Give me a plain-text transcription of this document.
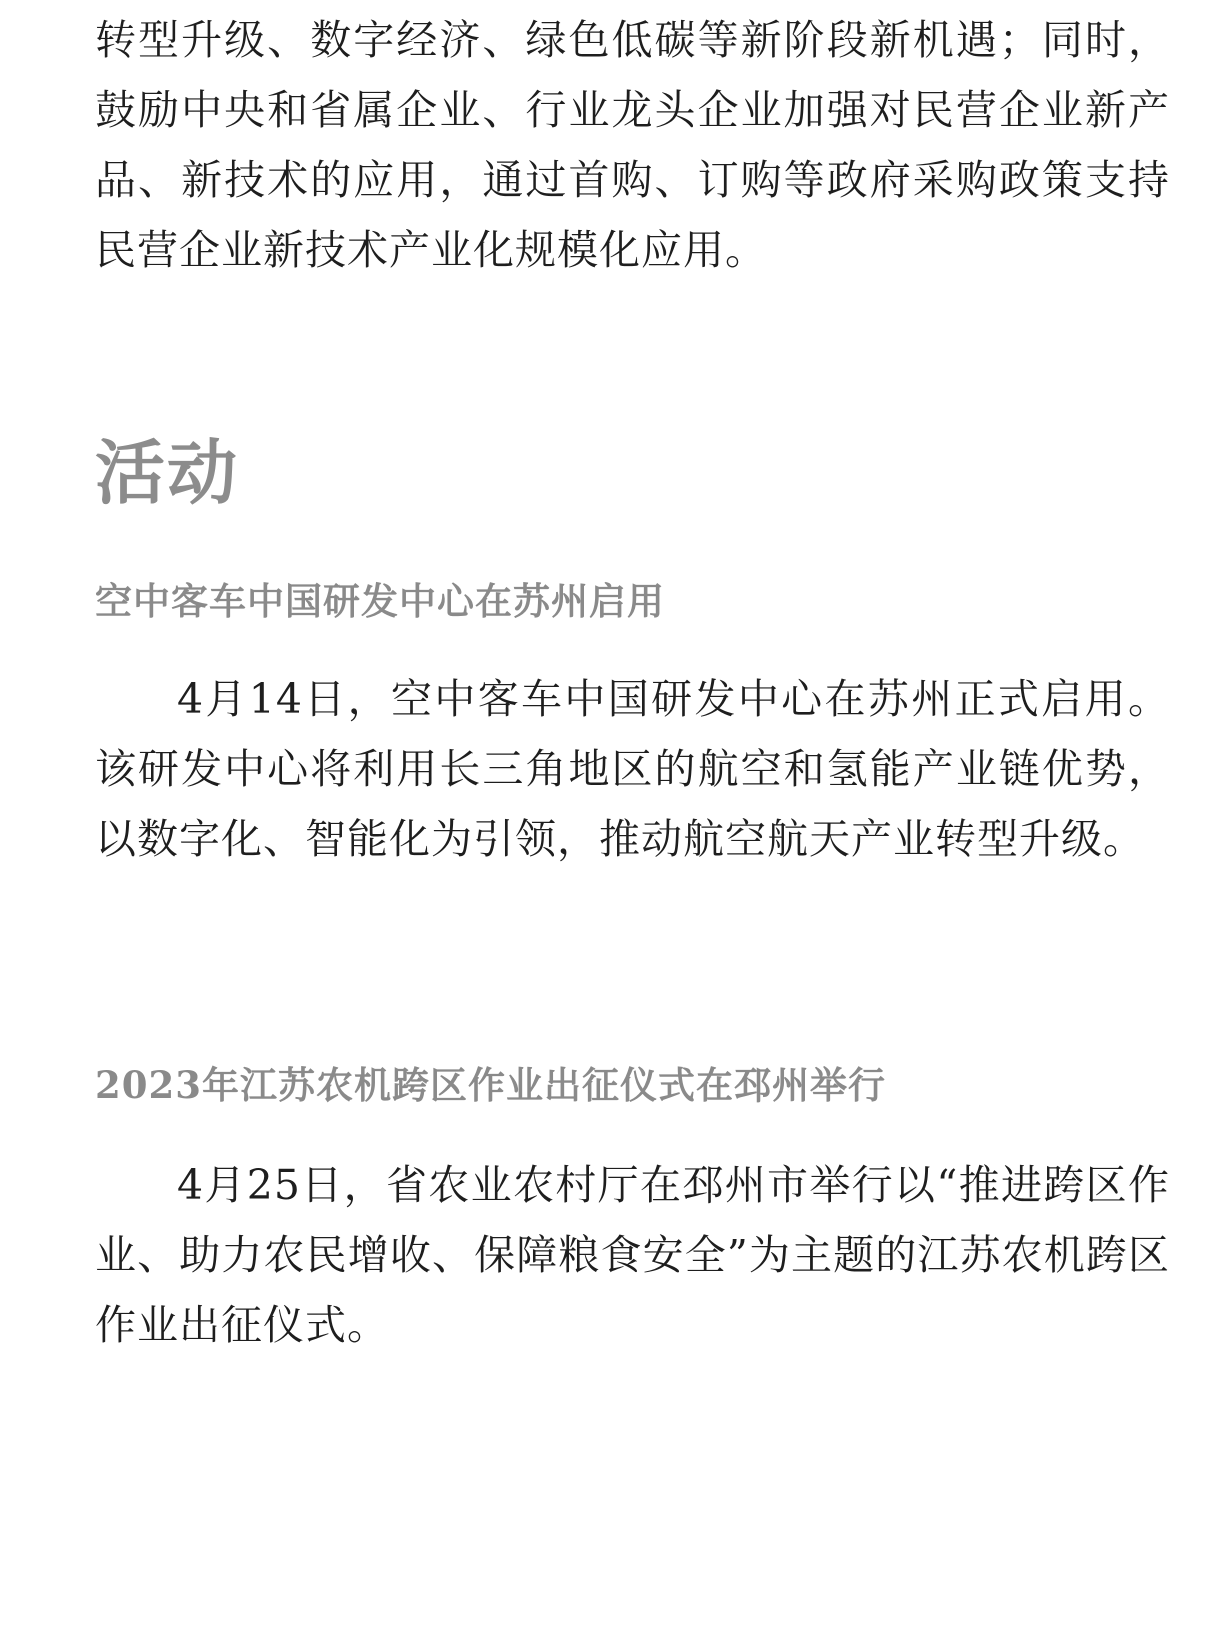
转型升级、数字经济、绿色低碳等新阶段新机遇；同时，鼓励中央和省属企业、行业龙头企业加强对民营企业新产品、新技术的应用，通过首购、订购等政府采购政策支持民营企业新技术产业化规模化应用。

活动
空中客车中国研发中心在苏州启用

4月14日，空中客车中国研发中心在苏州正式启用。该研发中心将利用长三角地区的航空和氢能产业链优势，以数字化、智能化为引领，推动航空航天产业转型升级。

2023年江苏农机跨区作业出征仪式在邳州举行

4月25日，省农业农村厅在邳州市举行以“推进跨区作业、助力农民增收、保障粮食安全”为主题的江苏农机跨区作业出征仪式。
